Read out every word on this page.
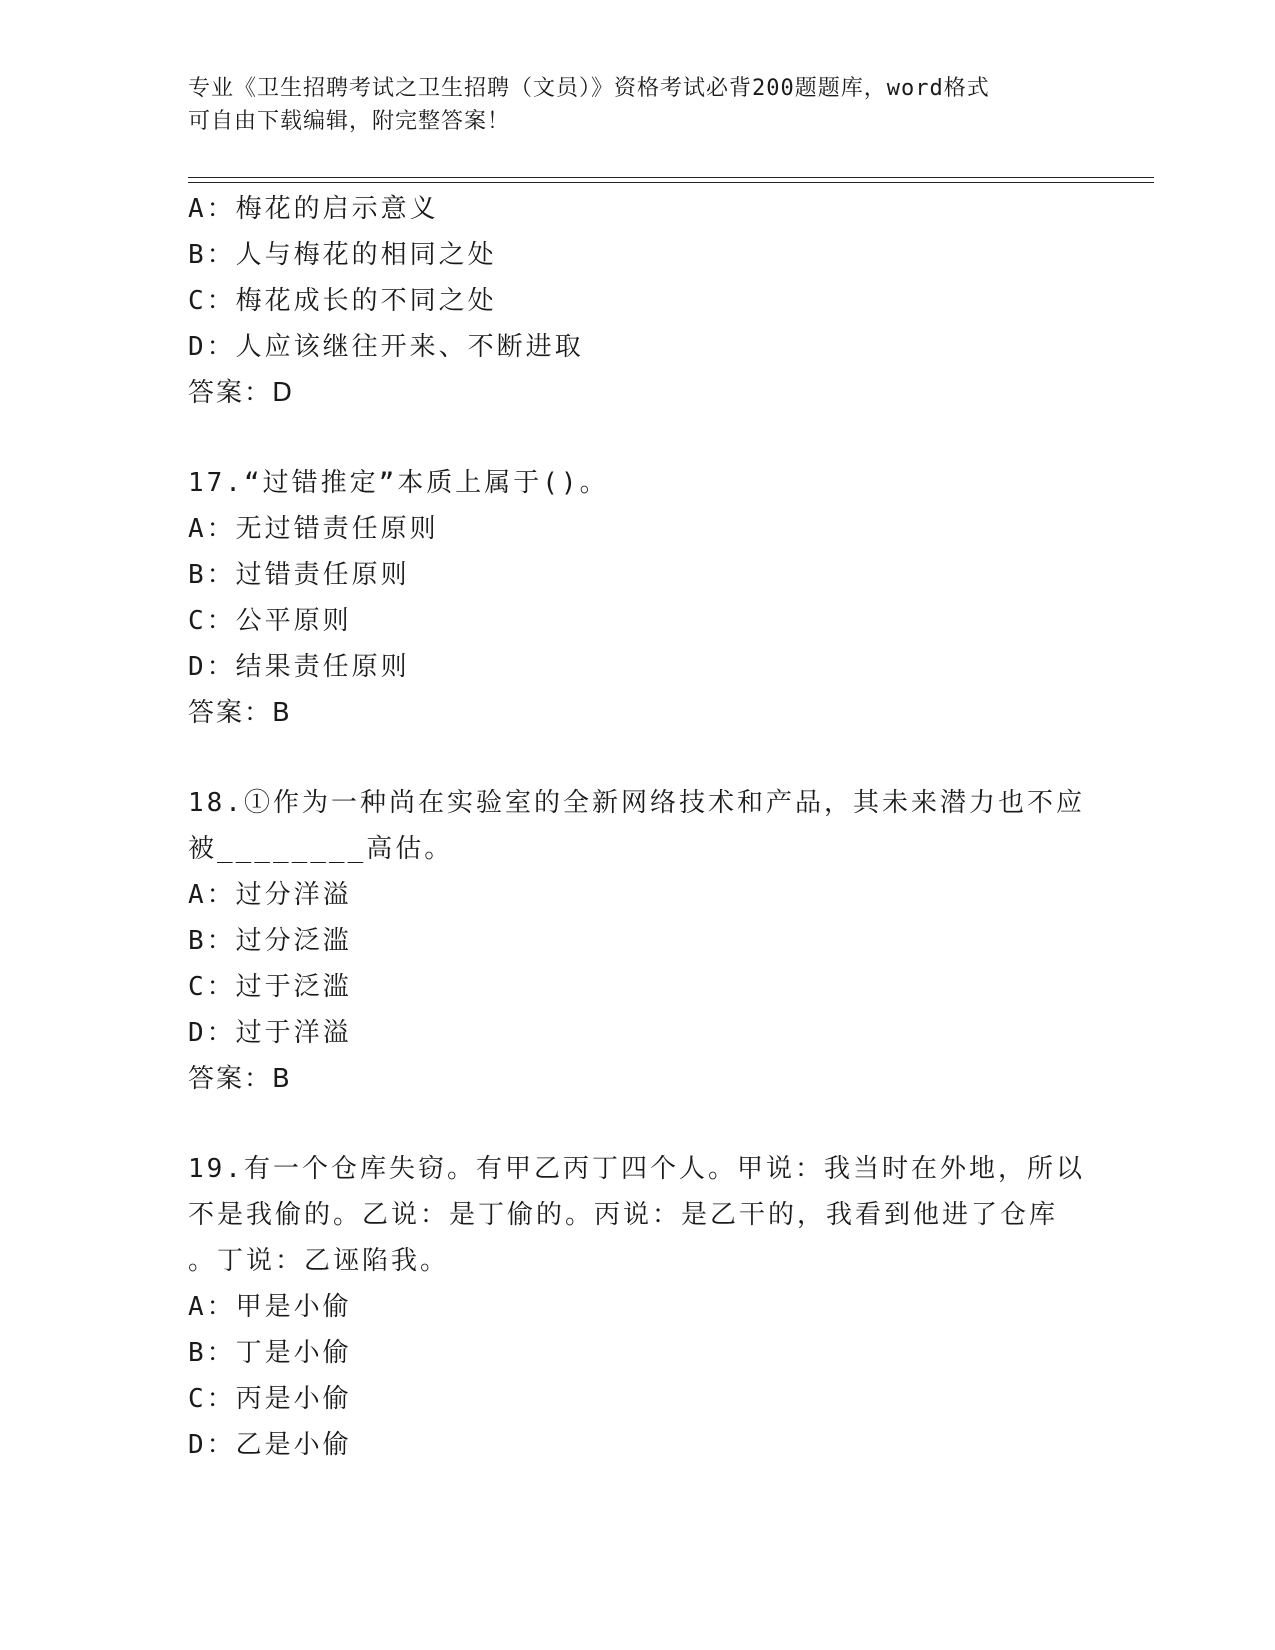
专业《卫生招聘考试之卫生招聘（文员）》资格考试必背200题题库，word格式
可自由下载编辑，附完整答案！
A：梅花的启示意义
B：人与梅花的相同之处
C：梅花成长的不同之处
D：人应该继往开来、不断进取
答案：D
17.“过错推定”本质上属于()。
A：无过错责任原则
B：过错责任原则
C：公平原则
D：结果责任原则
答案：B
18.①作为一种尚在实验室的全新网络技术和产品，其未来潜力也不应
被________高估。
A：过分洋溢
B：过分泛滥
C：过于泛滥
D：过于洋溢
答案：B
19.有一个仓库失窃。有甲乙丙丁四个人。甲说：我当时在外地，所以
不是我偷的。乙说：是丁偷的。丙说：是乙干的，我看到他进了仓库
。丁说：乙诬陷我。
A：甲是小偷
B：丁是小偷
C：丙是小偷
D：乙是小偷
